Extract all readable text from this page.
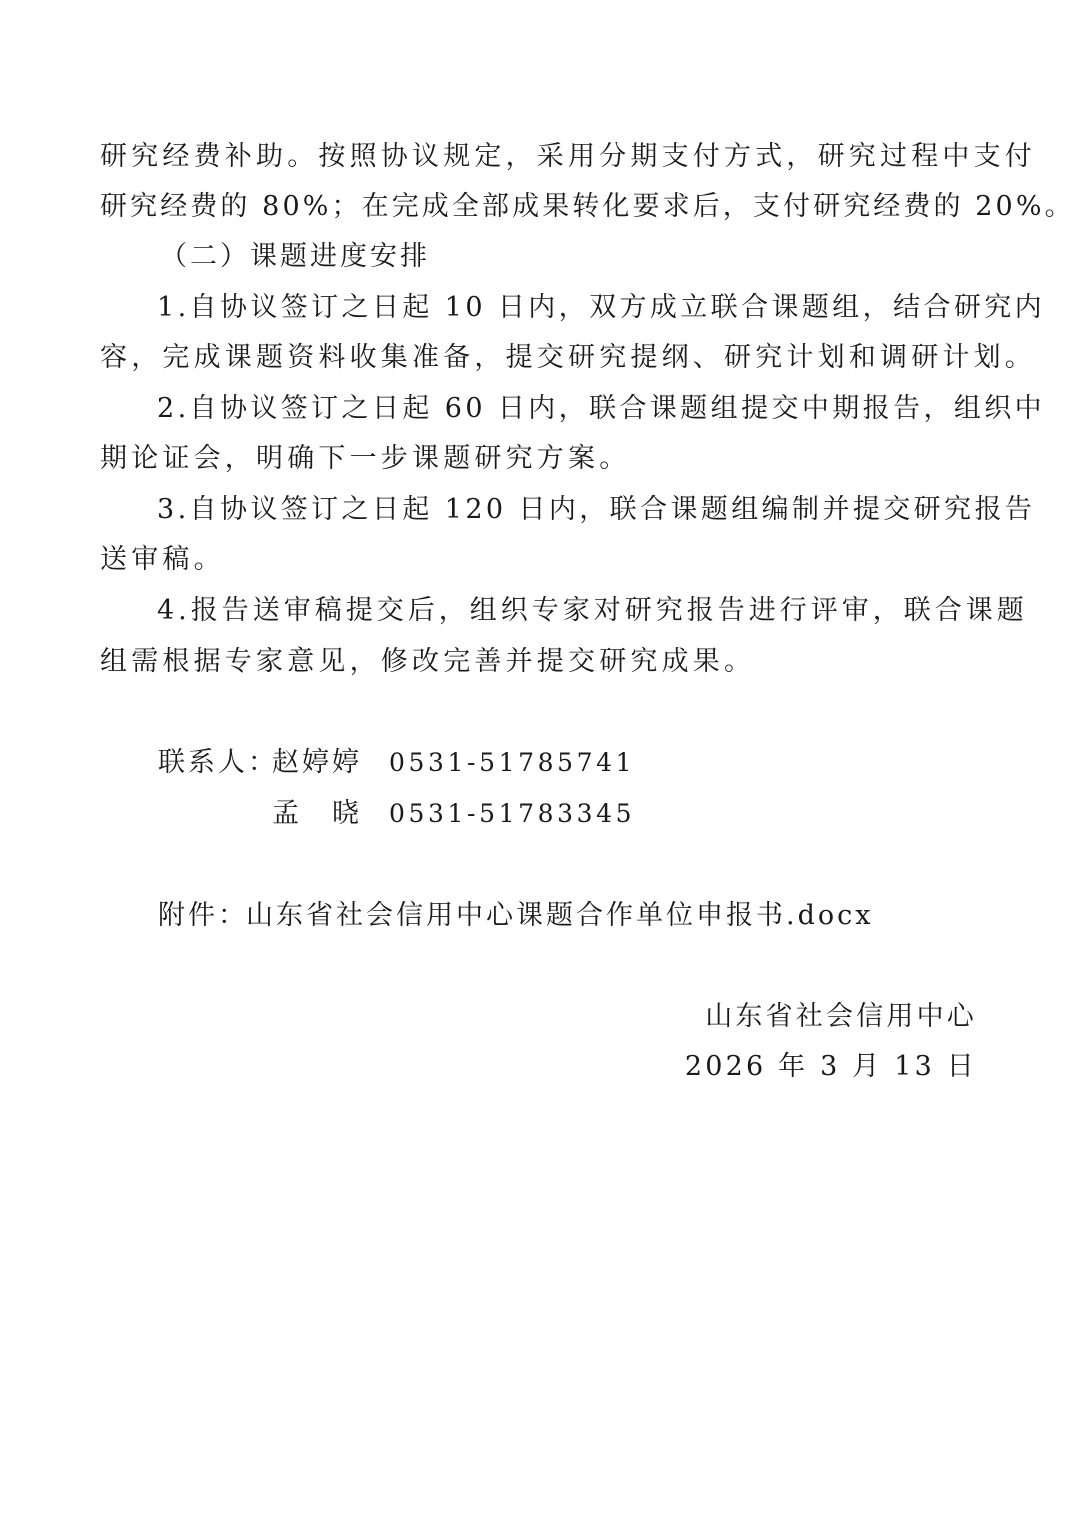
研究经费补助。按照协议规定，采用分期支付方式，研究过程中支付
研究经费的 80%；在完成全部成果转化要求后，支付研究经费的 20%。
（二）课题进度安排
1.自协议签订之日起 10 日内，双方成立联合课题组，结合研究内
容，完成课题资料收集准备，提交研究提纲、研究计划和调研计划。
2.自协议签订之日起 60 日内，联合课题组提交中期报告，组织中
期论证会，明确下一步课题研究方案。
3.自协议签订之日起 120 日内，联合课题组编制并提交研究报告
送审稿。
4.报告送审稿提交后，组织专家对研究报告进行评审，联合课题
组需根据专家意见，修改完善并提交研究成果。
联系人：
赵婷婷 0531-51785741
孟　晓 0531-51783345
附件：
山东省社会信用中心课题合作单位申报书.docx
山东省社会信用中心
2026 年 3 月 13 日
